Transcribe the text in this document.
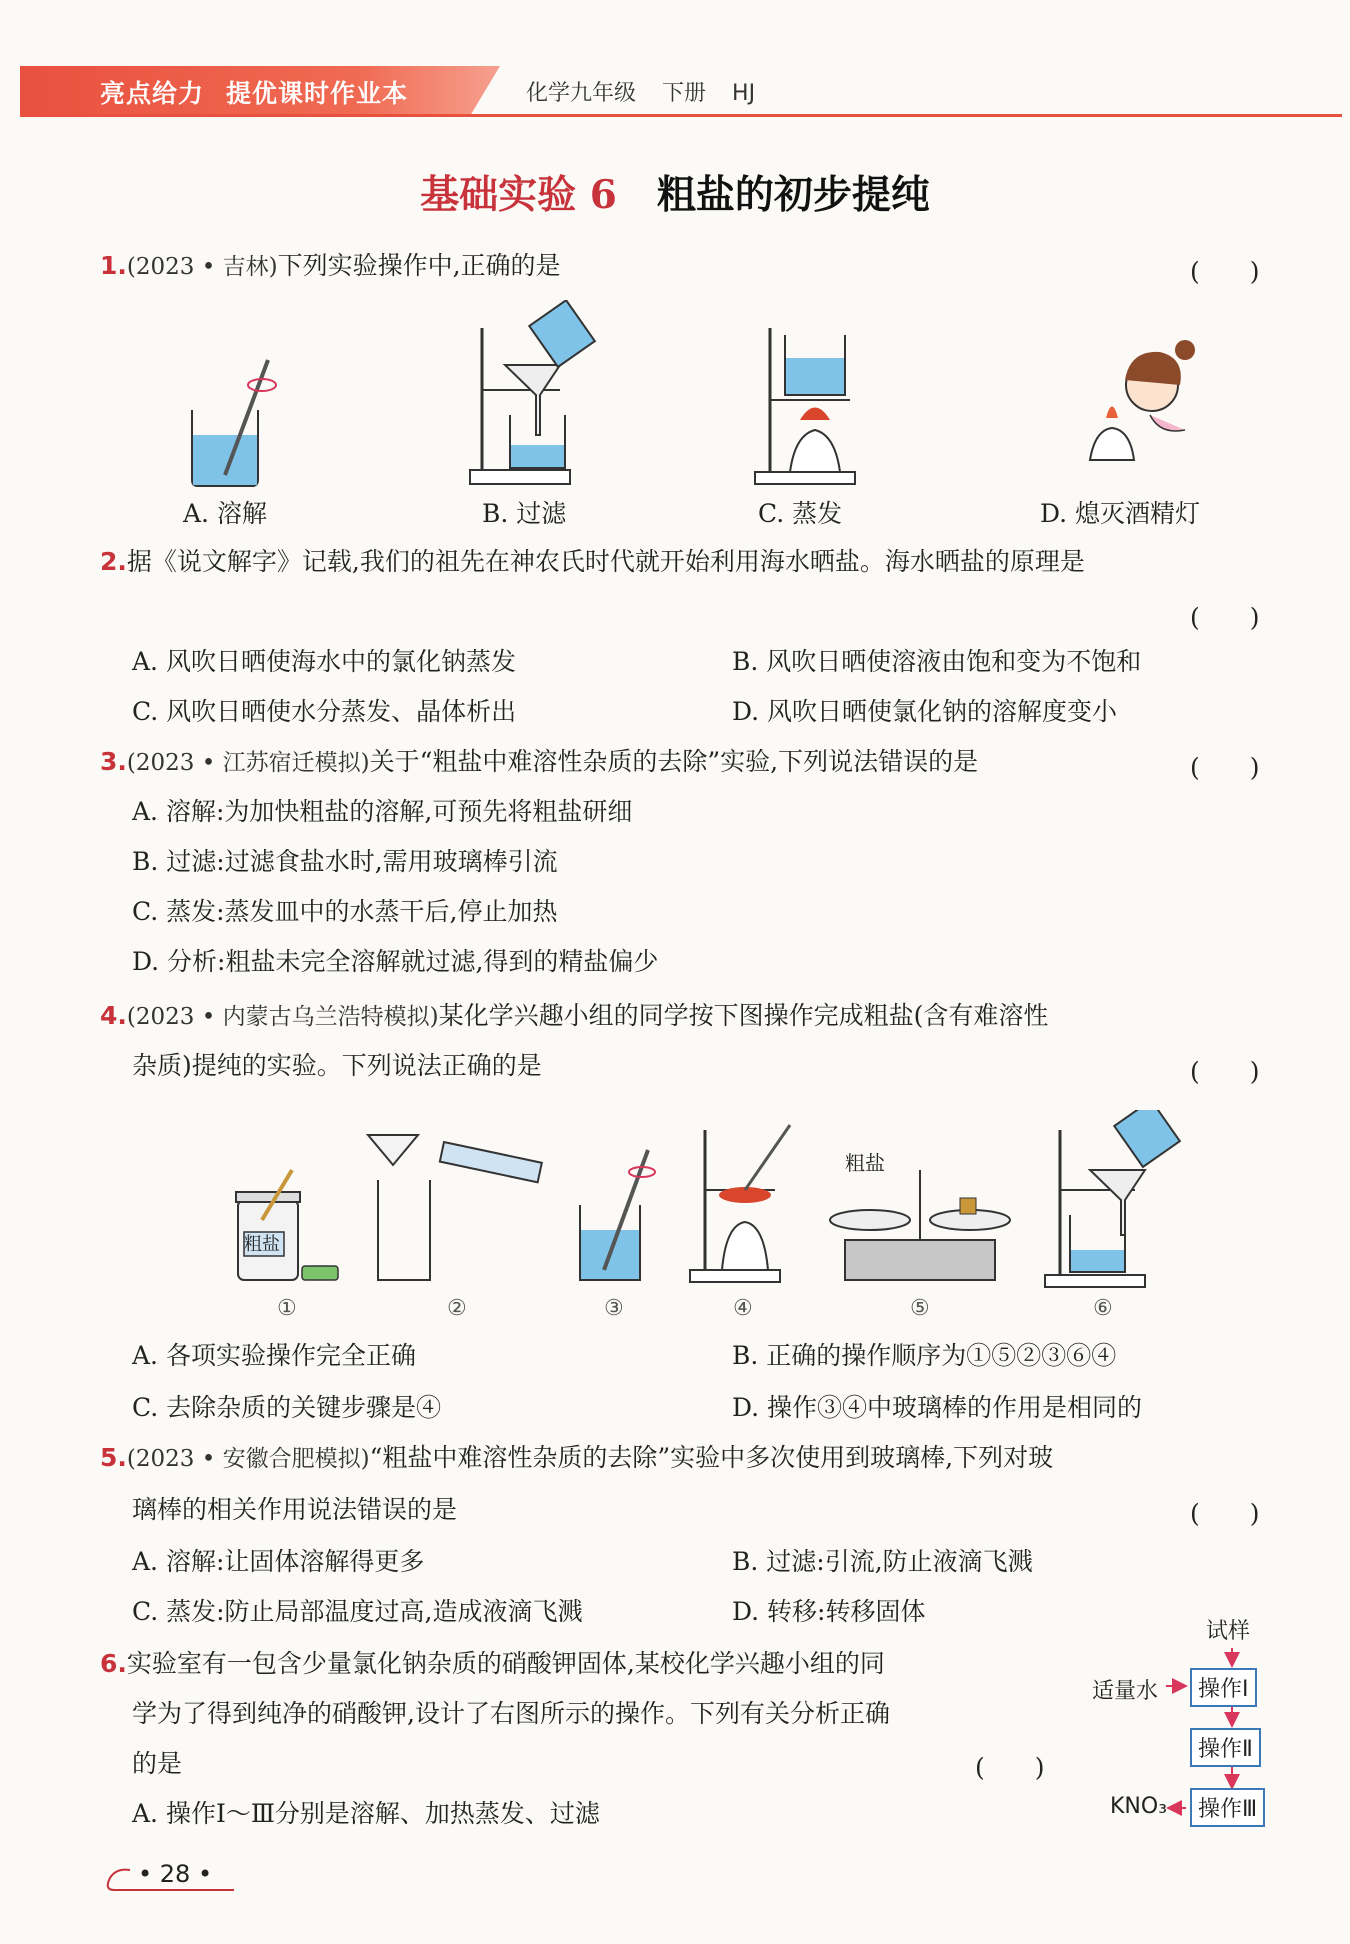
亮点给力 提优课时作业本	化学九年级 下册 HJ
基础实验 6 粗盐的初步提纯
1.(2023 • 吉林)下列实验操作中,正确的是	(　　)
A. 溶解	B. 过滤	C. 蒸发	D. 熄灭酒精灯
2.据《说文解字》记载,我们的祖先在神农氏时代就开始利用海水晒盐。海水晒盐的原理是
(　　)
A. 风吹日晒使海水中的氯化钠蒸发	B. 风吹日晒使溶液由饱和变为不饱和
C. 风吹日晒使水分蒸发、晶体析出	D. 风吹日晒使氯化钠的溶解度变小
3.(2023 • 江苏宿迁模拟)关于“粗盐中难溶性杂质的去除”实验,下列说法错误的是	(　　)
A. 溶解:为加快粗盐的溶解,可预先将粗盐研细
B. 过滤:过滤食盐水时,需用玻璃棒引流
C. 蒸发:蒸发皿中的水蒸干后,停止加热
D. 分析:粗盐未完全溶解就过滤,得到的精盐偏少
4.(2023 • 内蒙古乌兰浩特模拟)某化学兴趣小组的同学按下图操作完成粗盐(含有难溶性
杂质)提纯的实验。下列说法正确的是	(　　)
粗盐
粗盐
①	②	③	④	⑤	⑥
A. 各项实验操作完全正确	B. 正确的操作顺序为①⑤②③⑥④
C. 去除杂质的关键步骤是④	D. 操作③④中玻璃棒的作用是相同的
5.(2023 • 安徽合肥模拟)“粗盐中难溶性杂质的去除”实验中多次使用到玻璃棒,下列对玻
璃棒的相关作用说法错误的是	(　　)
A. 溶解:让固体溶解得更多	B. 过滤:引流,防止液滴飞溅
C. 蒸发:防止局部温度过高,造成液滴飞溅	D. 转移:转移固体
6.实验室有一包含少量氯化钠杂质的硝酸钾固体,某校化学兴趣小组的同
学为了得到纯净的硝酸钾,设计了右图所示的操作。下列有关分析正确
的是	(　　)
A. 操作Ⅰ～Ⅲ分别是溶解、加热蒸发、过滤
试样
适量水	操作Ⅰ
操作Ⅱ
KNO₃	操作Ⅲ
• 28 •
